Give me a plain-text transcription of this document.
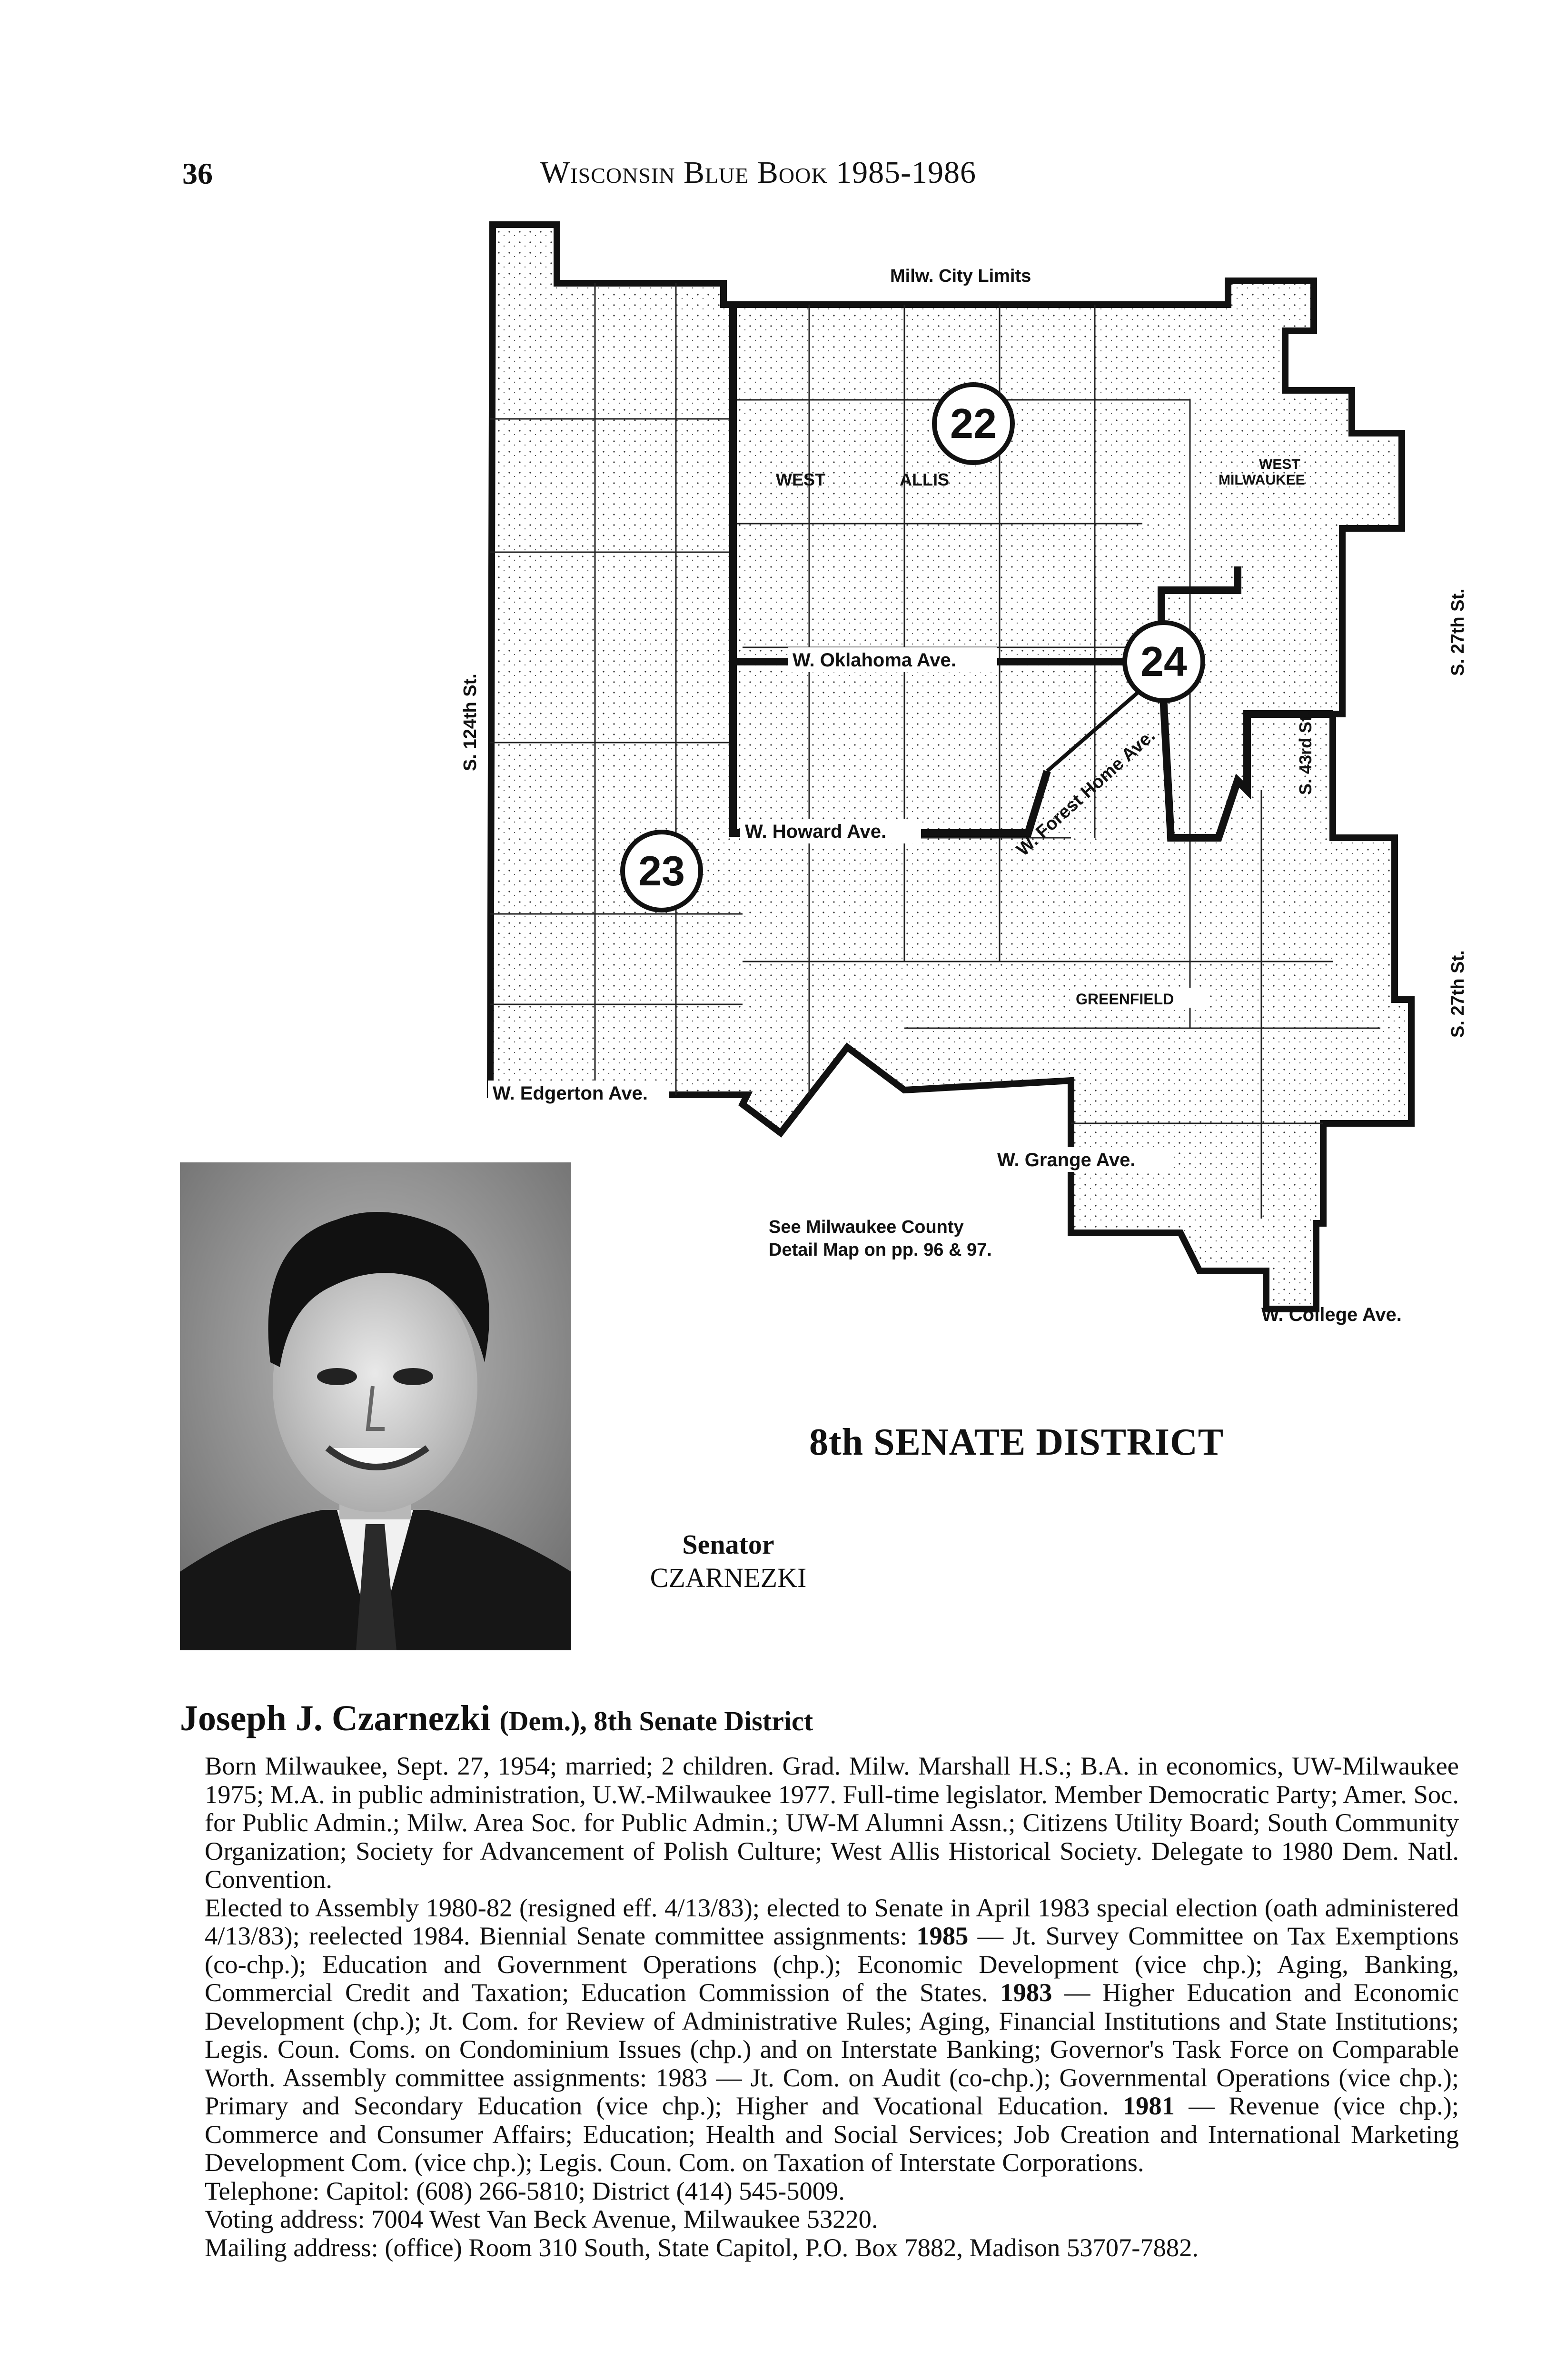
36	Wisconsin Blue Book 1985-1986
Milw. City Limits
S. 124th St.
S. 27th St.
S. 27th St.
S. 43rd St.
WEST
MILWAUKEE
WEST	ALLIS
W. Oklahoma Ave.
W. Howard Ave.	W. Forest Home Ave.
W. Edgerton Ave.
W. Grange Ave.
GREENFIELD
W. College Ave.
See Milwaukee County
Detail Map on pp. 96 & 97.
22
24
23
8th SENATE DISTRICT
Senator
CZARNEZKI
Joseph J. Czarnezki (Dem.), 8th Senate District

Born Milwaukee, Sept. 27, 1954; married; 2 children. Grad. Milw. Marshall H.S.; B.A. in economics, UW-Milwaukee 1975; M.A. in public administration, U.W.-Milwaukee 1977. Full-time legislator. Member Democratic Party; Amer. Soc. for Public Admin.; Milw. Area Soc. for Public Admin.; UW-M Alumni Assn.; Citizens Utility Board; South Community Organization; Society for Advancement of Polish Culture; West Allis Historical Society. Delegate to 1980 Dem. Natl. Convention.

Elected to Assembly 1980-82 (resigned eff. 4/13/83); elected to Senate in April 1983 special election (oath administered 4/13/83); reelected 1984. Biennial Senate committee assignments: 1985 — Jt. Survey Committee on Tax Exemptions (co-chp.); Education and Government Operations (chp.); Economic Development (vice chp.); Aging, Banking, Commercial Credit and Taxation; Education Commission of the States. 1983 — Higher Education and Economic Development (chp.); Jt. Com. for Review of Administrative Rules; Aging, Financial Institutions and State Institutions; Legis. Coun. Coms. on Condominium Issues (chp.) and on Interstate Banking; Governor's Task Force on Comparable Worth. Assembly committee assignments: 1983 — Jt. Com. on Audit (co-chp.); Governmental Operations (vice chp.); Primary and Secondary Education (vice chp.); Higher and Vocational Education. 1981 — Revenue (vice chp.); Commerce and Consumer Affairs; Education; Health and Social Services; Job Creation and International Marketing Development Com. (vice chp.); Legis. Coun. Com. on Taxation of Interstate Corporations.

Telephone: Capitol: (608) 266-5810; District (414) 545-5009.

Voting address: 7004 West Van Beck Avenue, Milwaukee 53220.

Mailing address: (office) Room 310 South, State Capitol, P.O. Box 7882, Madison 53707-7882.
